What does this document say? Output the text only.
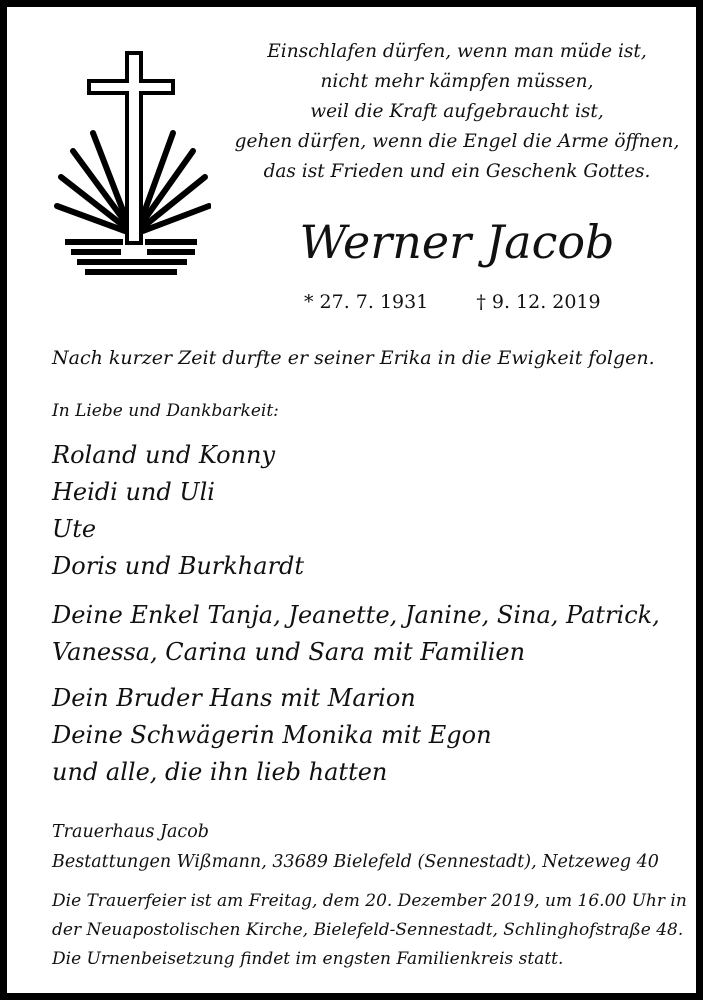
Einschlafen dürfen, wenn man müde ist,
nicht mehr kämpfen müssen,
weil die Kraft aufgebraucht ist,
gehen dürfen, wenn die Engel die Arme öffnen,
das ist Frieden und ein Geschenk Gottes.
Werner Jacob
* 27. 7. 1931	† 9. 12. 2019
Nach kurzer Zeit durfte er seiner Erika in die Ewigkeit folgen.
In Liebe und Dankbarkeit:
Roland und Konny
Heidi und Uli
Ute
Doris und Burkhardt
Deine Enkel Tanja, Jeanette, Janine, Sina, Patrick,
Vanessa, Carina und Sara mit Familien
Dein Bruder Hans mit Marion
Deine Schwägerin Monika mit Egon
und alle, die ihn lieb hatten
Trauerhaus Jacob
Bestattungen Wißmann, 33689 Bielefeld (Sennestadt), Netzeweg 40
Die Trauerfeier ist am Freitag, dem 20. Dezember 2019, um 16.00 Uhr in
der Neuapostolischen Kirche, Bielefeld-Sennestadt, Schlinghofstraße 48.
Die Urnenbeisetzung findet im engsten Familienkreis statt.
